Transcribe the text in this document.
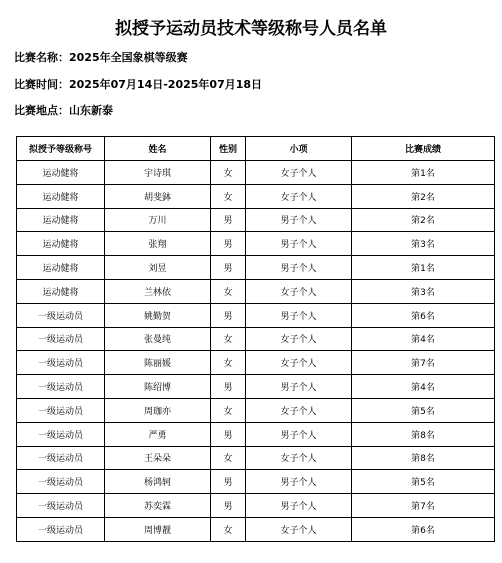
拟授予运动员技术等级称号人员名单
比赛名称：2025年全国象棋等级赛
比赛时间：2025年07月14日-2025年07月18日
比赛地点：山东新泰
拟授予等级称号	姓名	性别	小项	比赛成绩
运动健将	宇诗琪	女	女子个人	第1名
运动健将	胡斐鉢	女	女子个人	第2名
运动健将	万川	男	男子个人	第2名
运动健将	张翔	男	男子个人	第3名
运动健将	刘昱	男	男子个人	第1名
运动健将	兰林依	女	女子个人	第3名
一级运动员	姚勤贺	男	男子个人	第6名
一级运动员	张曼纯	女	女子个人	第4名
一级运动员	陈丽媛	女	女子个人	第7名
一级运动员	陈绍博	男	男子个人	第4名
一级运动员	周珈亦	女	女子个人	第5名
一级运动员	严勇	男	男子个人	第8名
一级运动员	王朵朵	女	女子个人	第8名
一级运动员	杨鸿轲	男	男子个人	第5名
一级运动员	苏奕霖	男	男子个人	第7名
一级运动员	周博靓	女	女子个人	第6名
